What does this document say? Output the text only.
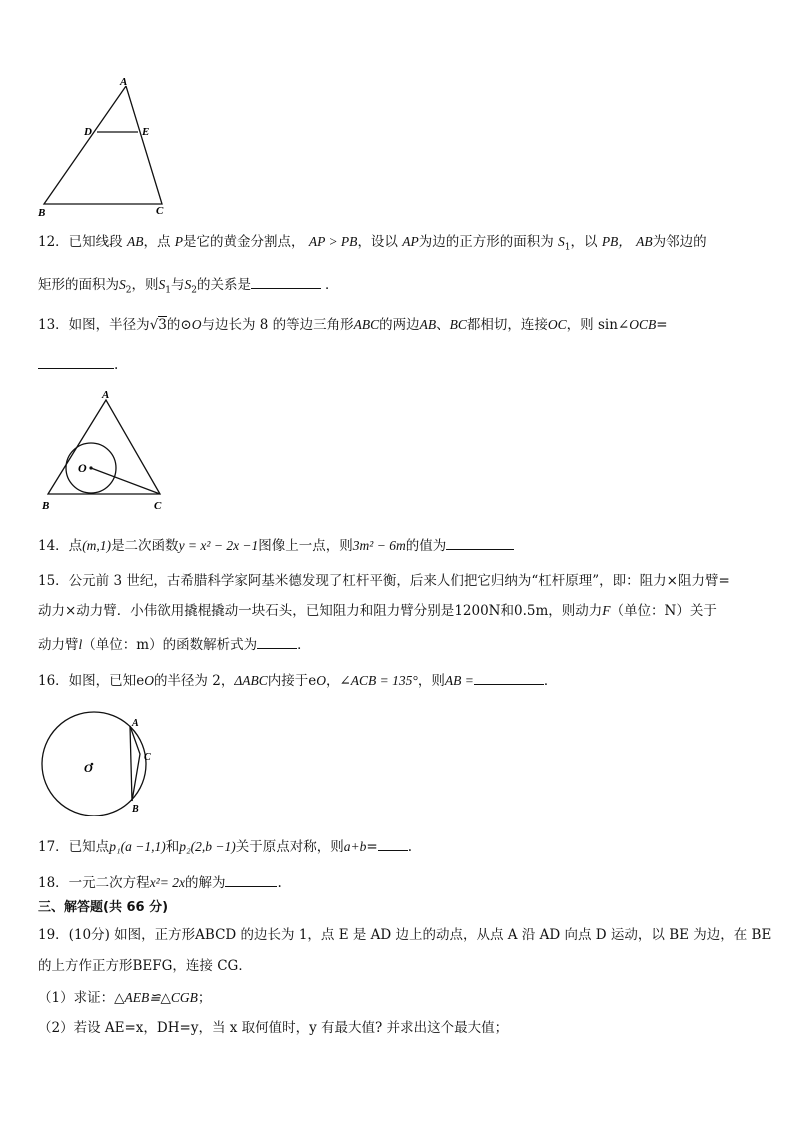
A
D	E
B	C
12．已知线段 AB，点 P是它的黄金分割点， AP > PB，设以 AP为边的正方形的面积为 $S_1$，以 PB， AB为邻边的
矩形的面积为$S_2$，则$S_1$与$S_2$的关系是	．
13．如图，半径为√3的⊙O与边长为 8 的等边三角形ABC的两边AB、BC都相切，连接OC，则 sin∠OCB=
.
A
O
B	C
14．点(m,1)是二次函数y = x² − 2x −1图像上一点，则3m² − 6m的值为
15．公元前 3 世纪，古希腊科学家阿基米德发现了杠杆平衡，后来人们把它归纳为“杠杆原理”，即：阻力×阻力臂=
动力×动力臂．小伟欲用撬棍撬动一块石头，已知阻力和阻力臂分别是1200N和0.5m，则动力F（单位：N）关于
动力臂l（单位：m）的函数解析式为	．
16．如图，已知eO的半径为 2，ΔABC内接于eO，∠ACB = 135°，则AB =	．
A
C
B
O
17．已知点p₁(a −1,1)和p₂(2,b −1)关于原点对称，则a+b= .
18．一元二次方程x²= 2x的解为	.
三、解答题(共 66 分)
19．(10分) 如图，正方形ABCD 的边长为 1，点 E 是 AD 边上的动点，从点 A 沿 AD 向点 D 运动，以 BE 为边，在 BE
的上方作正方形BEFG，连接 CG．
（1）求证：△AEB≌△CGB；
（2）若设 AE=x，DH=y，当 x 取何值时，y 有最大值? 并求出这个最大值；
